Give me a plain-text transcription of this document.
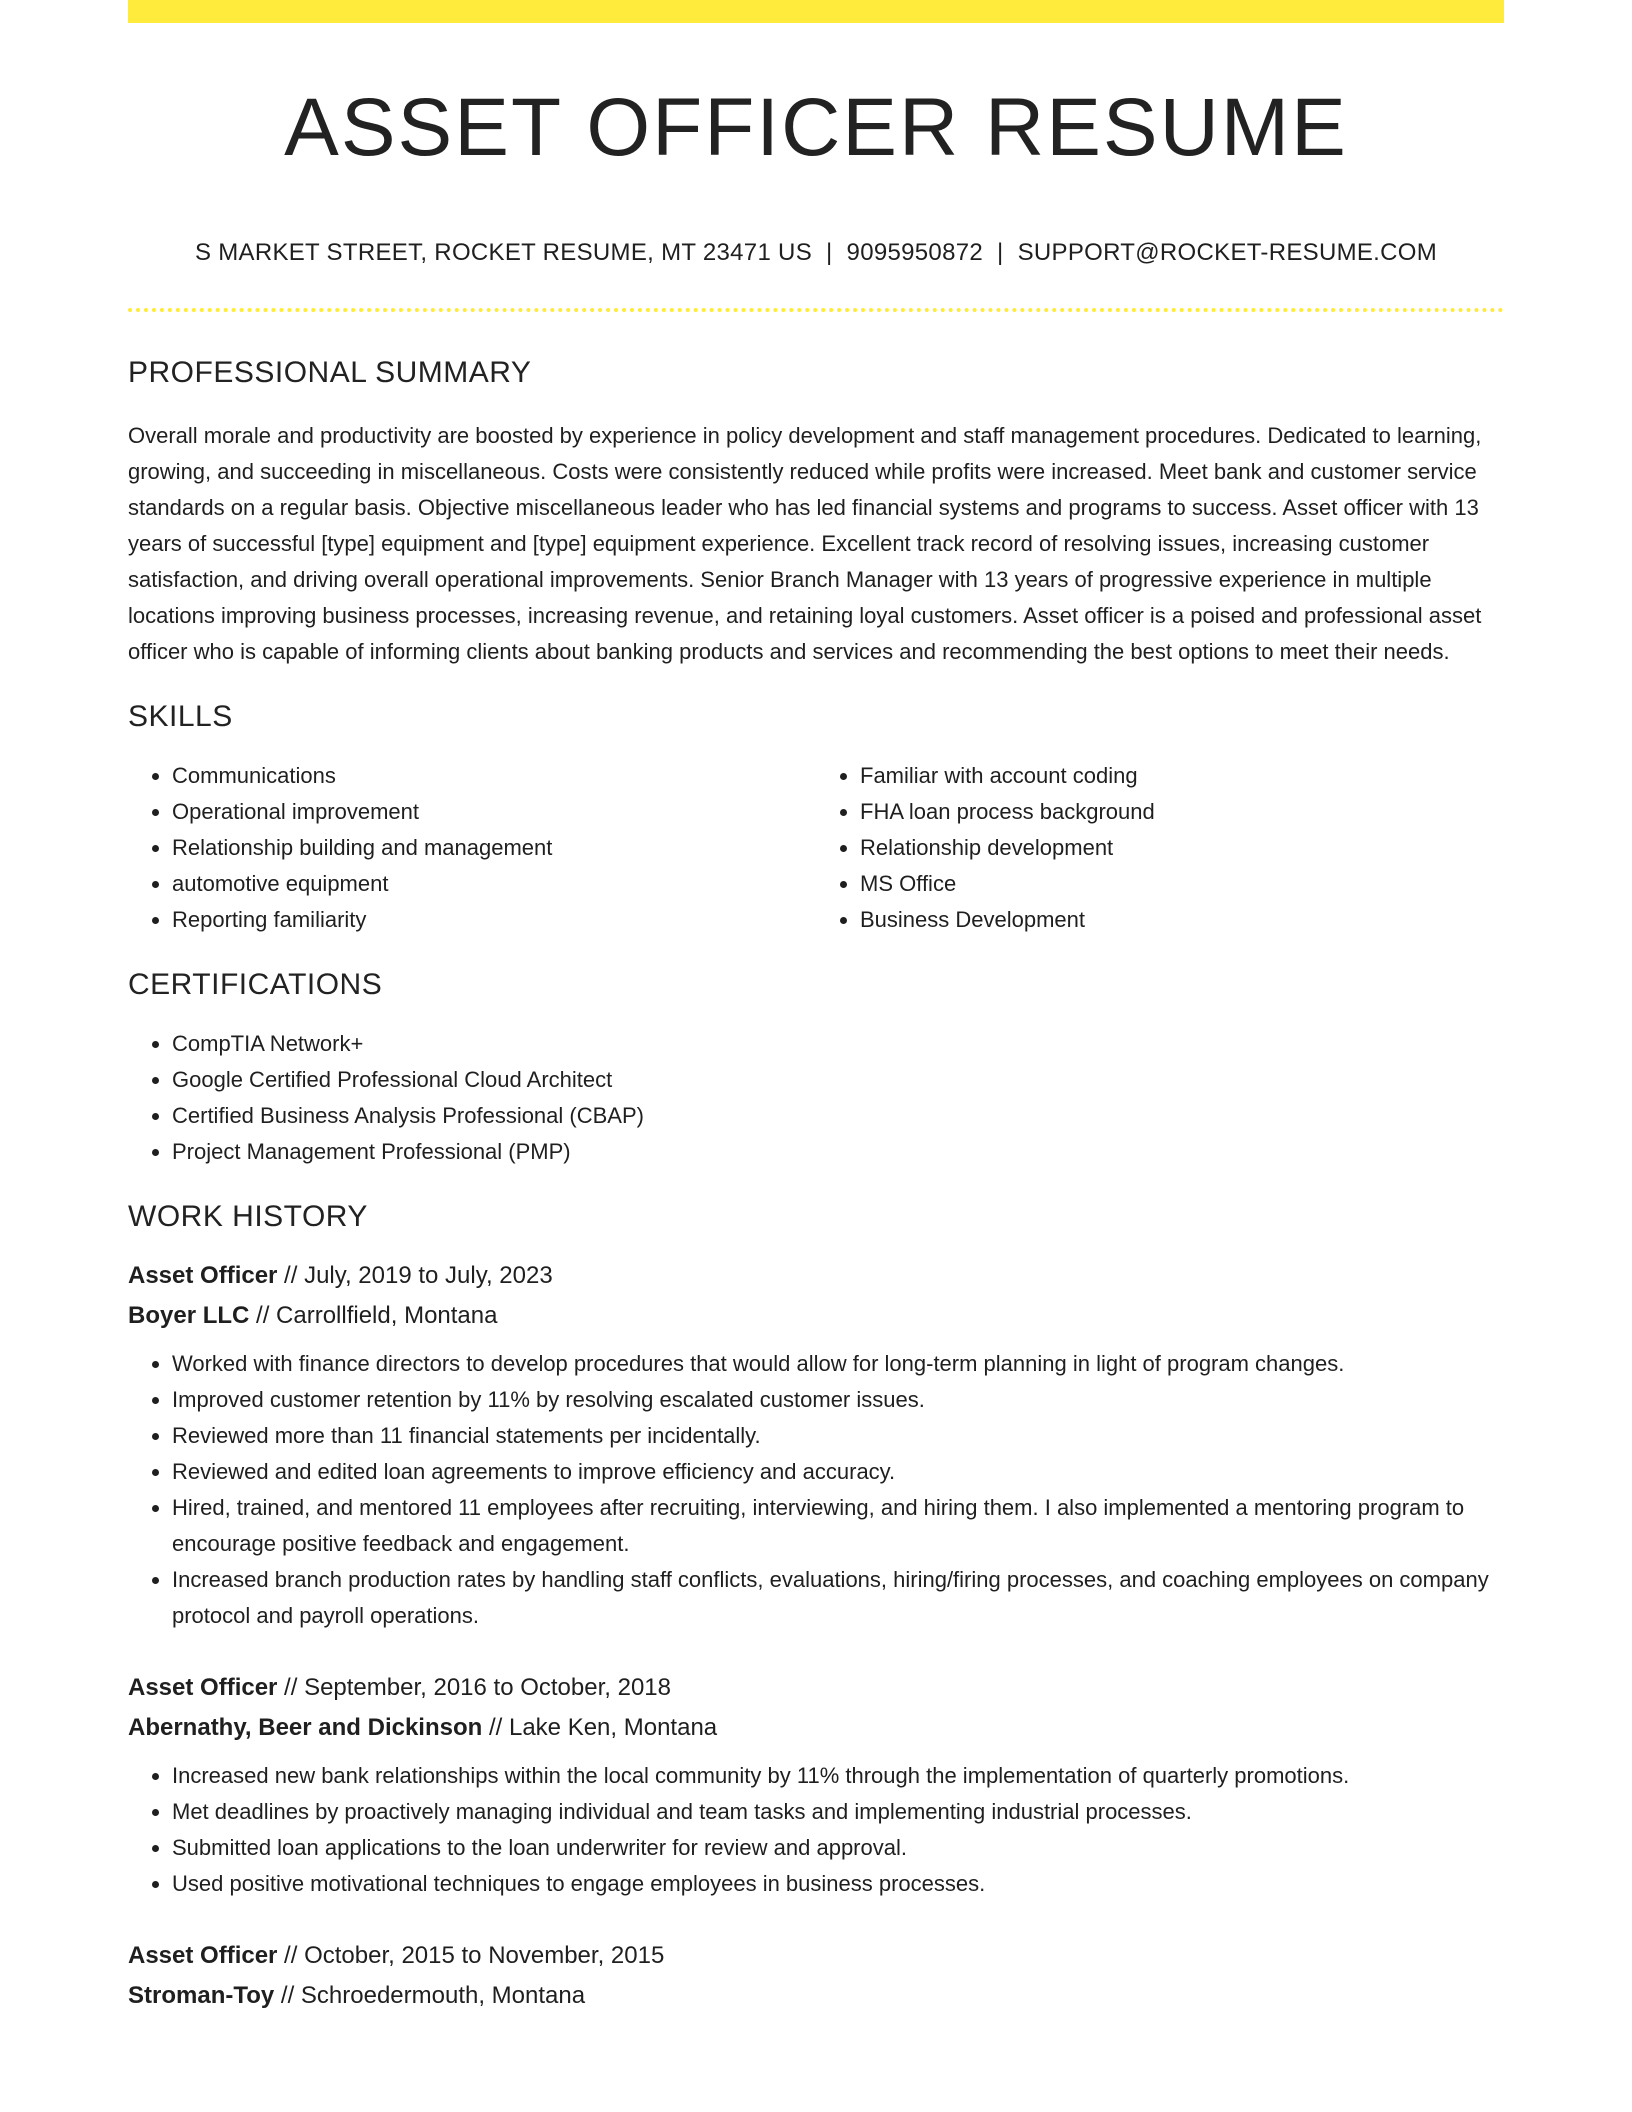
ASSET OFFICER RESUME
S MARKET STREET, ROCKET RESUME, MT 23471 US | 9095950872 | SUPPORT@ROCKET-RESUME.COM
PROFESSIONAL SUMMARY

Overall morale and productivity are boosted by experience in policy development and staff management procedures. Dedicated to learning, growing, and succeeding in miscellaneous. Costs were consistently reduced while profits were increased. Meet bank and customer service standards on a regular basis. Objective miscellaneous leader who has led financial systems and programs to success. Asset officer with 13 years of successful [type] equipment and [type] equipment experience. Excellent track record of resolving issues, increasing customer satisfaction, and driving overall operational improvements. Senior Branch Manager with 13 years of progressive experience in multiple locations improving business processes, increasing revenue, and retaining loyal customers. Asset officer is a poised and professional asset officer who is capable of informing clients about banking products and services and recommending the best options to meet their needs.

SKILLS
• Communications
• Operational improvement
• Relationship building and management
• automotive equipment
• Reporting familiarity
• Familiar with account coding
• FHA loan process background
• Relationship development
• MS Office
• Business Development
CERTIFICATIONS
• CompTIA Network+
• Google Certified Professional Cloud Architect
• Certified Business Analysis Professional (CBAP)
• Project Management Professional (PMP)
WORK HISTORY
Asset Officer // July, 2019 to July, 2023
Boyer LLC // Carrollfield, Montana
• Worked with finance directors to develop procedures that would allow for long-term planning in light of program changes.
• Improved customer retention by 11% by resolving escalated customer issues.
• Reviewed more than 11 financial statements per incidentally.
• Reviewed and edited loan agreements to improve efficiency and accuracy.
• Hired, trained, and mentored 11 employees after recruiting, interviewing, and hiring them. I also implemented a mentoring program to encourage positive feedback and engagement.
• Increased branch production rates by handling staff conflicts, evaluations, hiring/firing processes, and coaching employees on company protocol and payroll operations.
Asset Officer // September, 2016 to October, 2018
Abernathy, Beer and Dickinson // Lake Ken, Montana
• Increased new bank relationships within the local community by 11% through the implementation of quarterly promotions.
• Met deadlines by proactively managing individual and team tasks and implementing industrial processes.
• Submitted loan applications to the loan underwriter for review and approval.
• Used positive motivational techniques to engage employees in business processes.
Asset Officer // October, 2015 to November, 2015
Stroman-Toy // Schroedermouth, Montana
